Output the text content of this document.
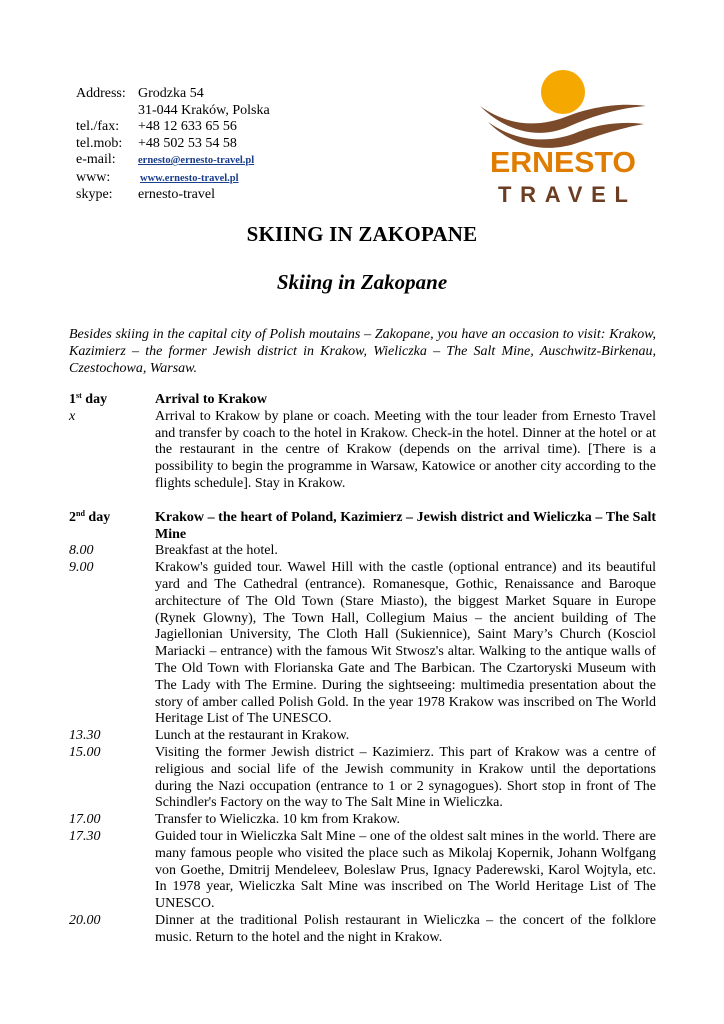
Address: Grodzka 54
31-044 Kraków, Polska
tel./fax:	+48 12 633 65 56
tel.mob:	+48 502 53 54 58
e-mail:	ernesto@ernesto-travel.pl
www:	www.ernesto-travel.pl
skype:	ernesto-travel
ERNESTO
TRAVEL
SKIING IN ZAKOPANE
Skiing in Zakopane
Besides skiing in the capital city of Polish moutains – Zakopane, you have an occasion to visit: Krakow, Kazimierz – the former Jewish district in Krakow, Wieliczka – The Salt Mine, Auschwitz-Birkenau, Czestochowa, Warsaw.
1st day	Arrival to Krakow
x	Arrival to Krakow by plane or coach. Meeting with the tour leader from Ernesto Travel and transfer by coach to the hotel in Krakow. Check-in the hotel. Dinner at the hotel or at the restaurant in the centre of Krakow (depends on the arrival time). [There is a possibility to begin the programme in Warsaw, Katowice or another city according to the flights schedule]. Stay in Krakow.
2nd day	Krakow – the heart of Poland, Kazimierz – Jewish district and Wieliczka – The Salt Mine
8.00	Breakfast at the hotel.
9.00	Krakow's guided tour. Wawel Hill with the castle (optional entrance) and its beautiful yard and The Cathedral (entrance). Romanesque, Gothic, Renaissance and Baroque architecture of The Old Town (Stare Miasto), the biggest Market Square in Europe (Rynek Glowny), The Town Hall, Collegium Maius – the ancient building of The Jagiellonian University, The Cloth Hall (Sukiennice), Saint Mary’s Church (Kosciol Mariacki – entrance) with the famous Wit Stwosz's altar. Walking to the antique walls of The Old Town with Florianska Gate and The Barbican. The Czartoryski Museum with The Lady with The Ermine. During the sightseeing: multimedia presentation about the story of amber called Polish Gold. In the year 1978 Krakow was inscribed on The World Heritage List of The UNESCO.
13.30	Lunch at the restaurant in Krakow.
15.00	Visiting the former Jewish district – Kazimierz. This part of Krakow was a centre of religious and social life of the Jewish community in Krakow until the deportations during the Nazi occupation (entrance to 1 or 2 synagogues). Short stop in front of The Schindler's Factory on the way to The Salt Mine in Wieliczka.
17.00	Transfer to Wieliczka. 10 km from Krakow.
17.30	Guided tour in Wieliczka Salt Mine – one of the oldest salt mines in the world. There are many famous people who visited the place such as Mikolaj Kopernik, Johann Wolfgang von Goethe, Dmitrij Mendeleev, Boleslaw Prus, Ignacy Paderewski, Karol Wojtyla, etc. In 1978 year, Wieliczka Salt Mine was inscribed on The World Heritage List of The UNESCO.
20.00	Dinner at the traditional Polish restaurant in Wieliczka – the concert of the folklore music. Return to the hotel and the night in Krakow.
